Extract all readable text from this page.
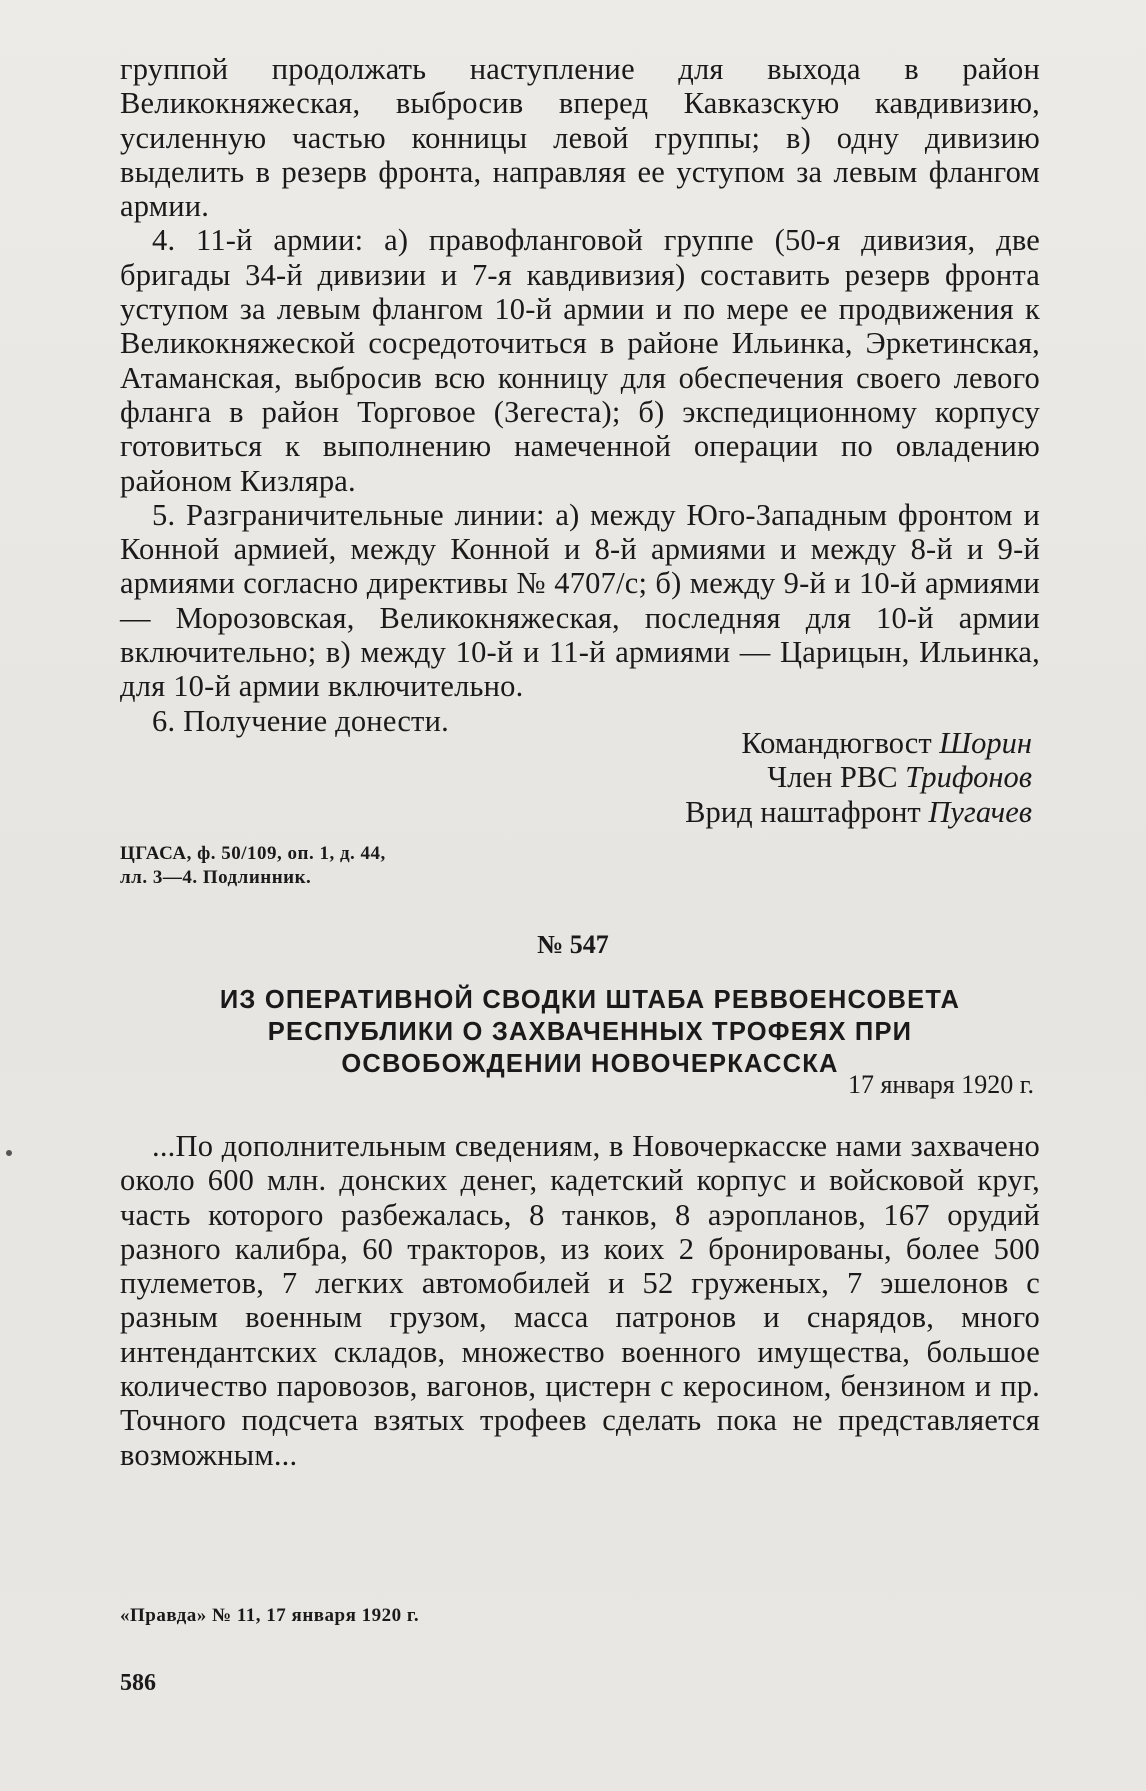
группой продолжать наступление для выхода в район Великокняжеская, выбросив вперед Кавказскую кавдивизию, усиленную частью конницы левой группы; в) одну дивизию выделить в резерв фронта, направляя ее уступом за левым флангом армии.

4. 11-й армии: а) правофланговой группе (50-я дивизия, две бригады 34-й дивизии и 7-я кавдивизия) составить резерв фронта уступом за левым флангом 10-й армии и по мере ее продвижения к Великокняжеской сосредоточиться в районе Ильинка, Эркетинская, Атаманская, выбросив всю конницу для обеспечения своего левого фланга в район Торговое (Зегеста); б) экспедиционному корпусу готовиться к выполнению намеченной операции по овладению районом Кизляра.

5. Разграничительные линии: а) между Юго-Западным фронтом и Конной армией, между Конной и 8-й армиями и между 8-й и 9-й армиями согласно директивы № 4707/с; б) между 9-й и 10-й армиями — Морозовская, Великокняжеская, последняя для 10-й армии включительно; в) между 10-й и 11-й армиями — Царицын, Ильинка, для 10-й армии включительно.

6. Получение донести.

Командюгвост Шорин
Член РВС Трифонов
Врид наштафронт Пугачев
ЦГАСА, ф. 50/109, оп. 1, д. 44,
лл. 3—4. Подлинник.
№ 547
ИЗ ОПЕРАТИВНОЙ СВОДКИ ШТАБА РЕВВОЕНСОВЕТА РЕСПУБЛИКИ О ЗАХВАЧЕННЫХ ТРОФЕЯХ ПРИ ОСВОБОЖДЕНИИ НОВОЧЕРКАССКА
17 января 1920 г.

...По дополнительным сведениям, в Новочеркасске нами захвачено около 600 млн. донских денег, кадетский корпус и войсковой круг, часть которого разбежалась, 8 танков, 8 аэропланов, 167 орудий разного калибра, 60 тракторов, из коих 2 бронированы, более 500 пулеметов, 7 легких автомобилей и 52 груженых, 7 эшелонов с разным военным грузом, масса патронов и снарядов, много интендантских складов, множество военного имущества, большое количество паровозов, вагонов, цистерн с керосином, бензином и пр. Точного подсчета взятых трофеев сделать пока не представляется возможным...

«Правда» № 11, 17 января 1920 г.
586
